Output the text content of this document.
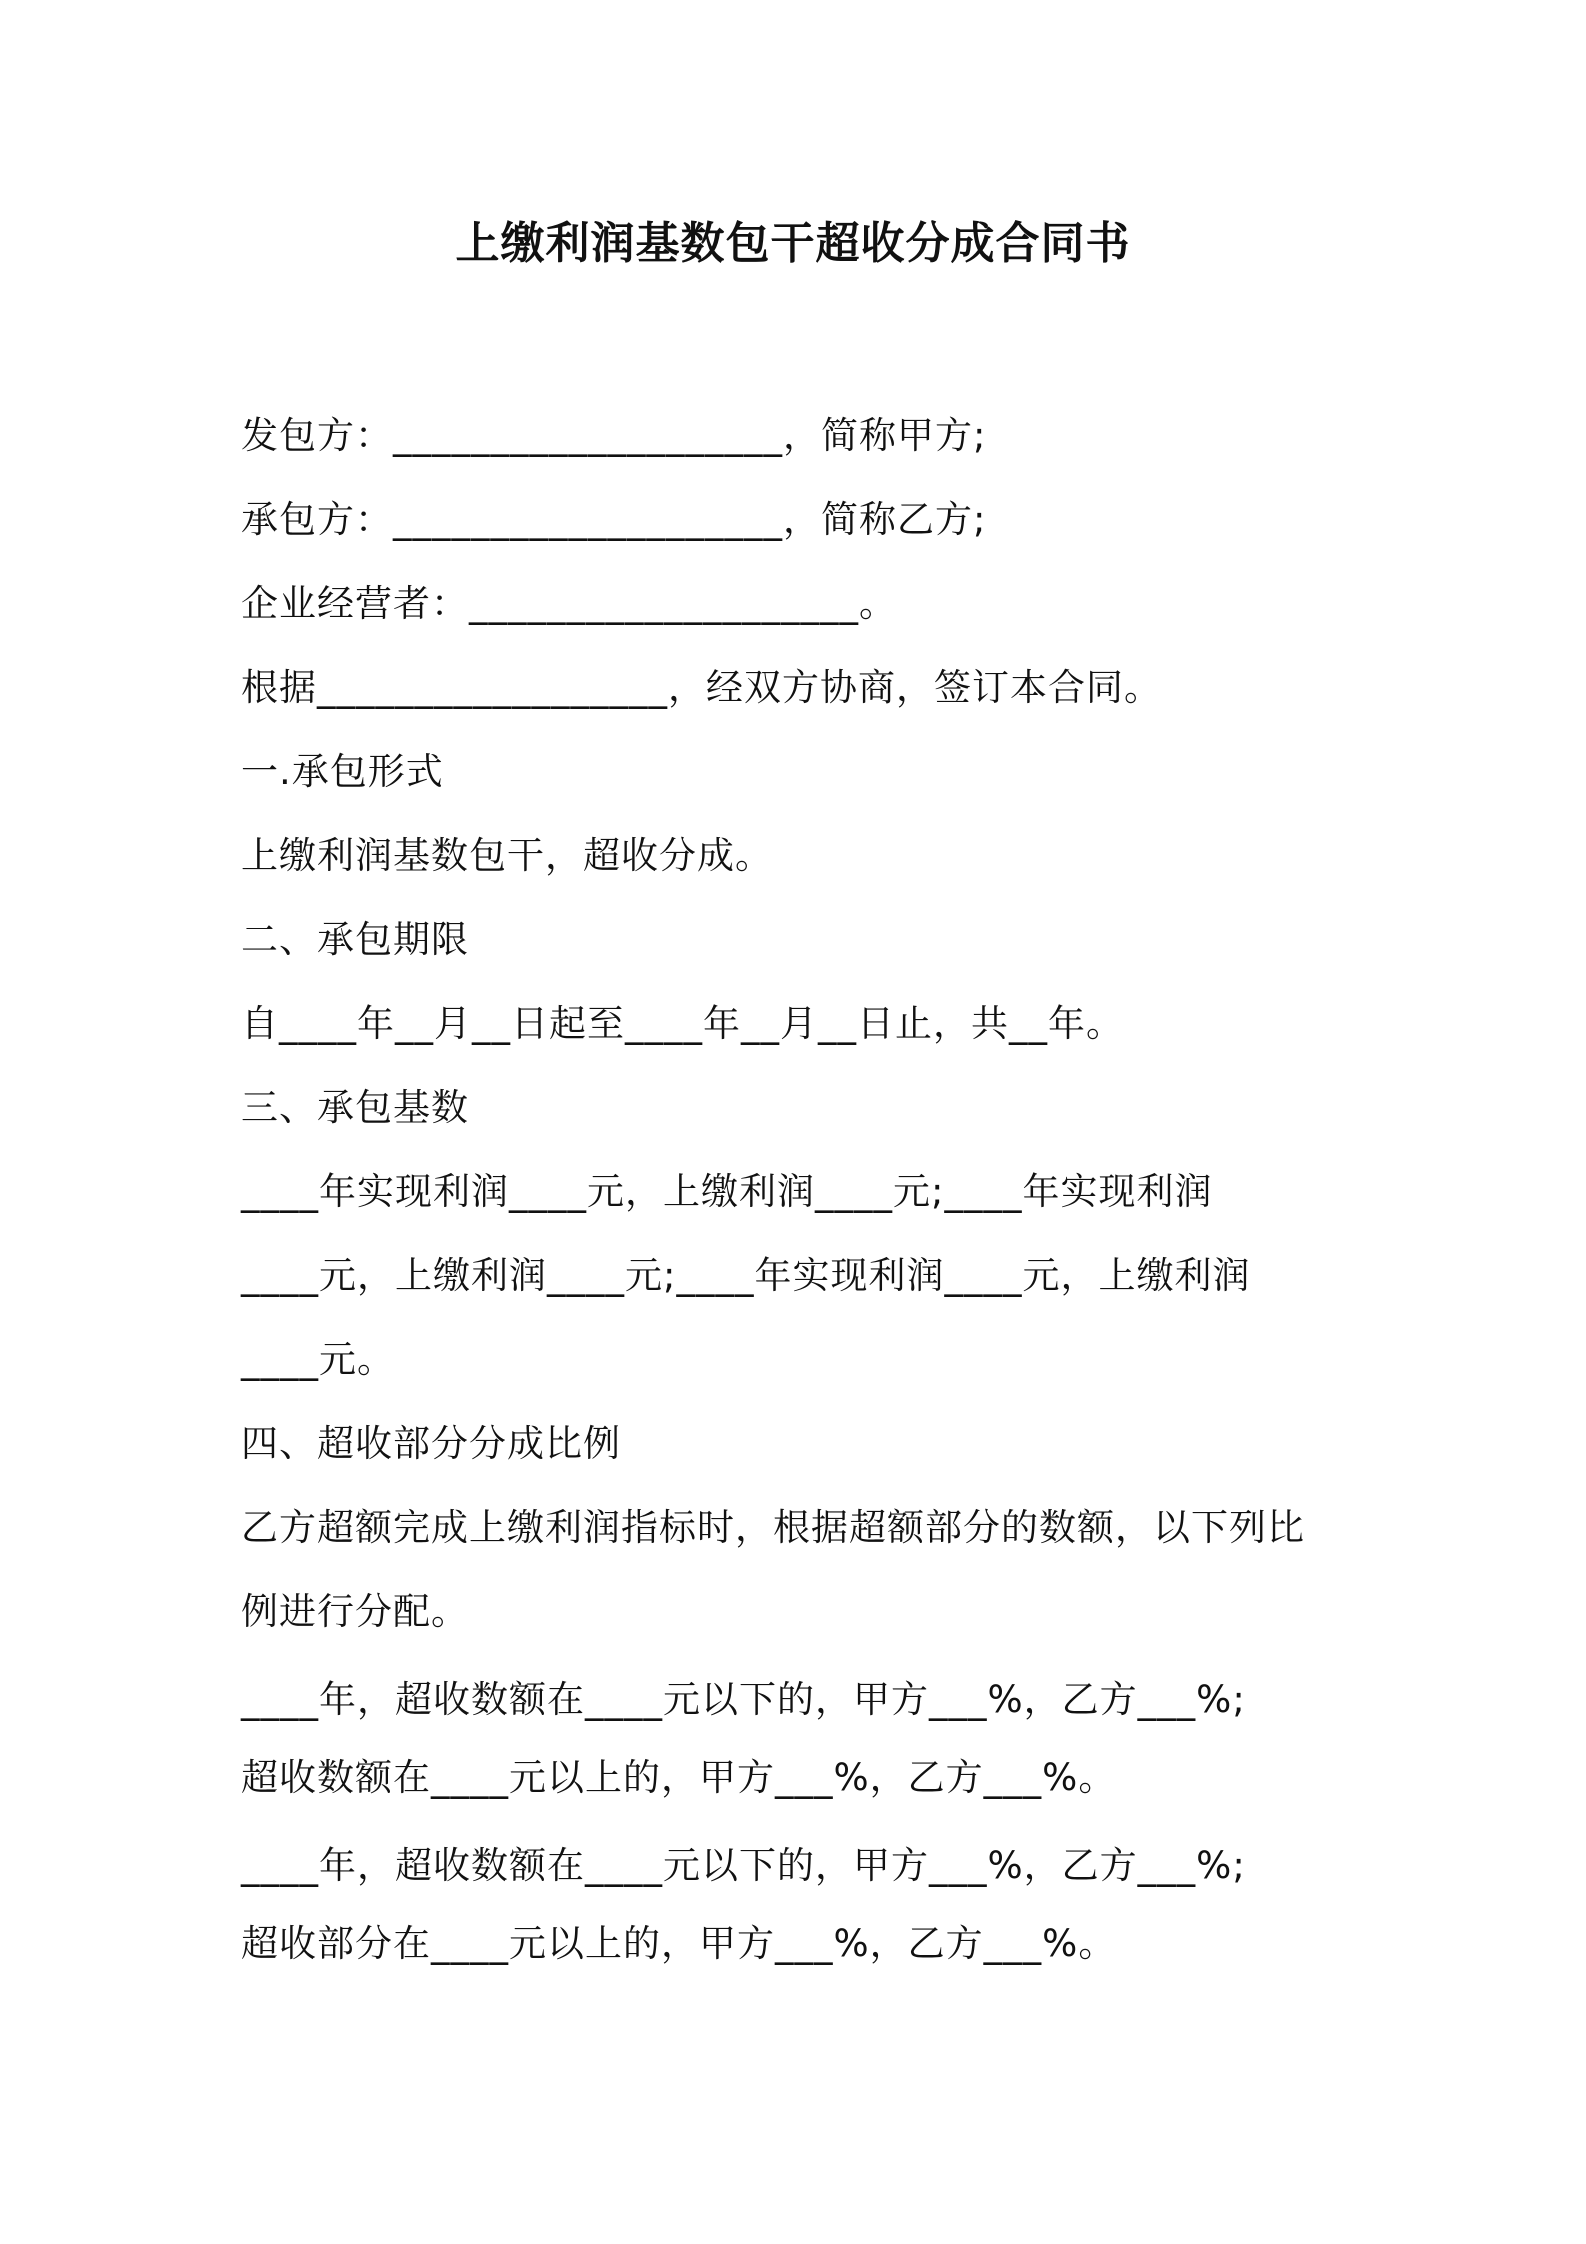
上缴利润基数包干超收分成合同书
发包方：____________________，简称甲方;
承包方：____________________，简称乙方;
企业经营者：____________________。
根据__________________，经双方协商，签订本合同。
一.承包形式
上缴利润基数包干，超收分成。
二、承包期限
自____年__月__日起至____年__月__日止，共__年。
三、承包基数
____年实现利润____元，上缴利润____元;____年实现利润
____元，上缴利润____元;____年实现利润____元，上缴利润
____元。
四、超收部分分成比例
乙方超额完成上缴利润指标时，根据超额部分的数额，以下列比
例进行分配。
____年，超收数额在____元以下的，甲方___%，乙方___%;
超收数额在____元以上的，甲方___%，乙方___%。
____年，超收数额在____元以下的，甲方___%，乙方___%;
超收部分在____元以上的，甲方___%，乙方___%。
